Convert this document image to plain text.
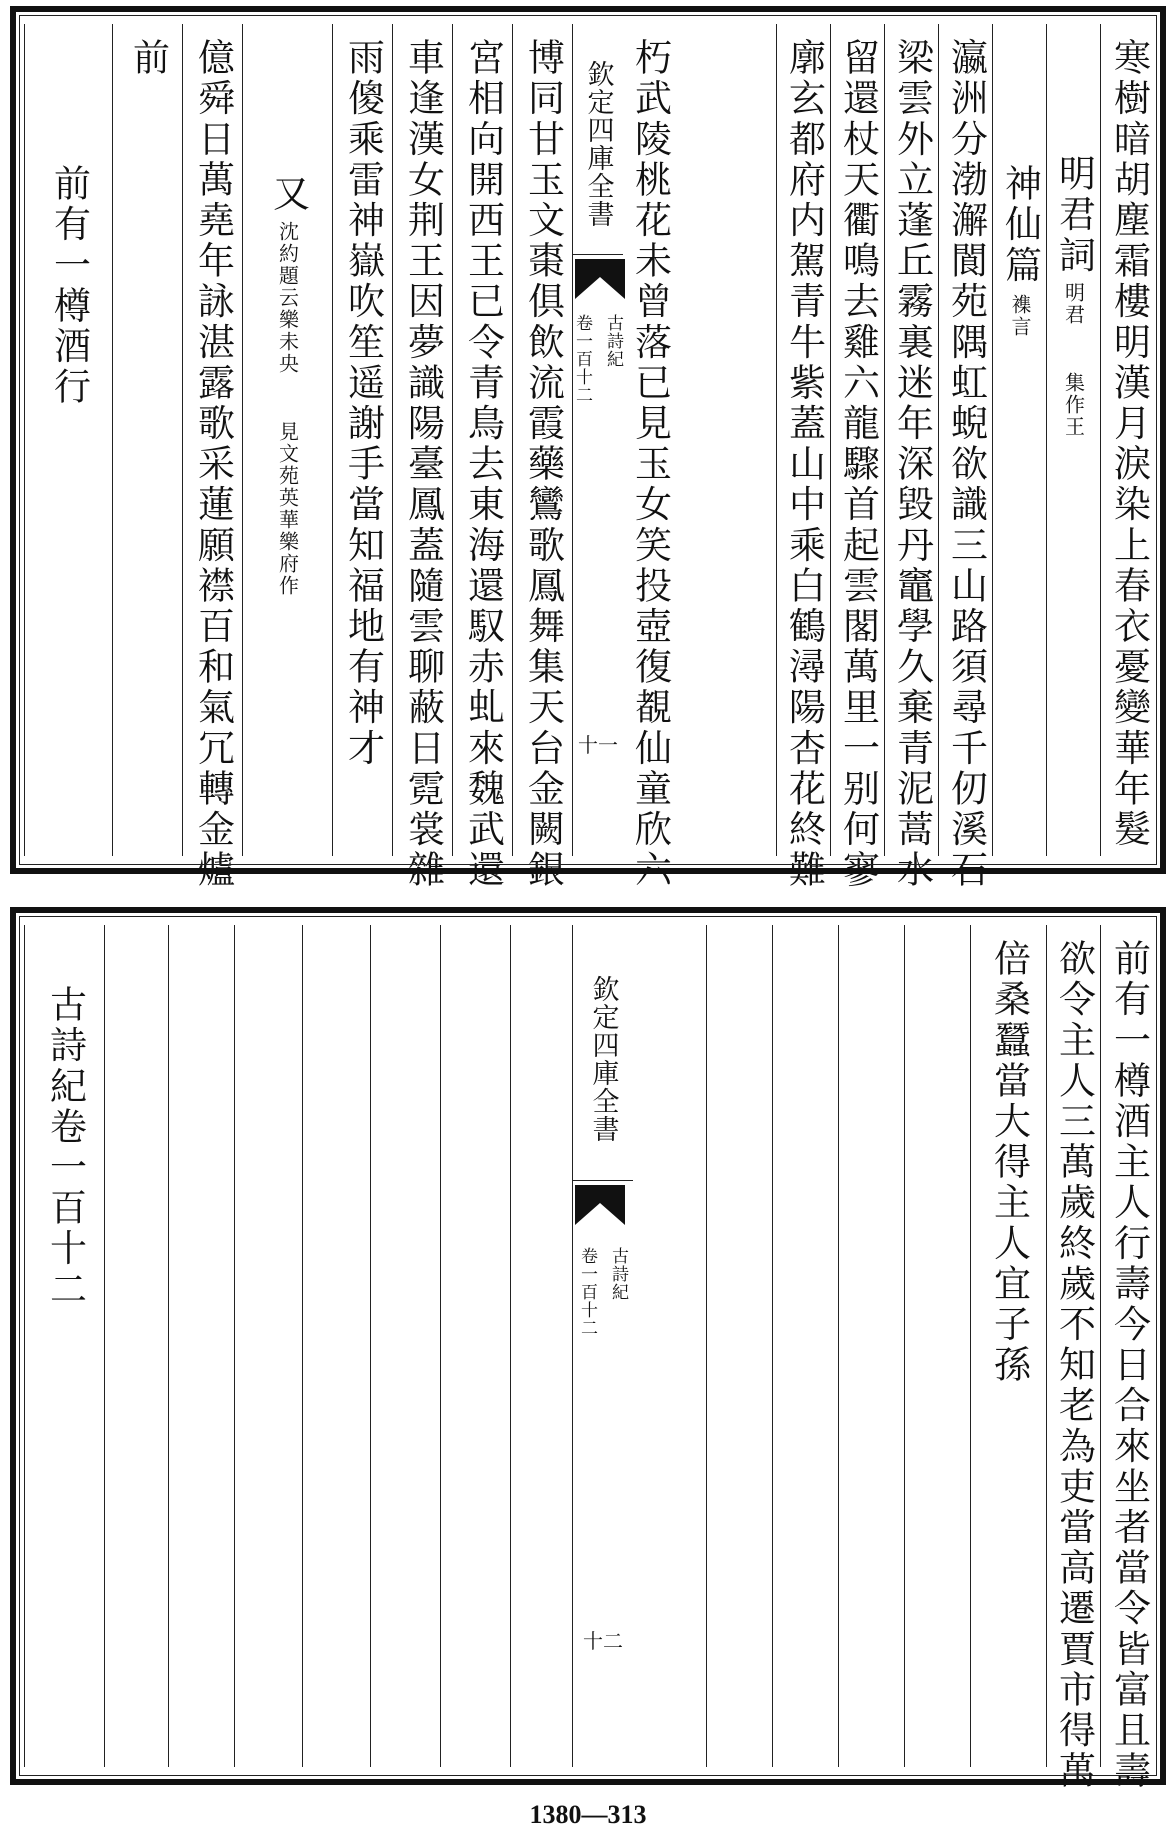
寒樹暗胡塵霜樓明漢月淚染上春衣憂變華年髮
明君詞
明君 集作王
神仙篇
襍言
瀛洲分渤澥閬苑隅虹蜺欲識三山路須尋千仞溪石
梁雲外立蓬丘霧裏迷年深毀丹竈學久棄青泥蒿水
留還杖天衢鳴去雞六龍驟首起雲閣萬里一别何寥
廓玄都府内駕青牛紫蓋山中乘白鶴潯陽杏花終難
朽武陵桃花未曾落已見玉女笑投壺復覩仙童欣六
欽定四庫全書
古詩紀
卷一百十二
十一
博同甘玉文棗俱飲流霞藥鸞歌鳳舞集天台金闕銀
宮相向開西王已令青鳥去東海還馭赤虬來魏武還
車逢漢女荆王因夢識陽臺鳳蓋隨雲聊蔽日霓裳雜
雨傻乘雷神嶽吹笙遥謝手當知福地有神才
又
沈約題云樂未央 見文苑英華樂府作
億舜日萬堯年詠湛露歌采蓮願襟百和氣冗轉金爐
前
前有一樽酒行
前有一樽酒主人行壽今日合來坐者當令皆富且壽
欲令主人三萬歲終歲不知老為吏當高遷賈市得萬
倍桑蠶當大得主人宜子孫
欽定四庫全書
古詩紀
卷一百十二
十二
古詩紀卷一百十二
1380—313
